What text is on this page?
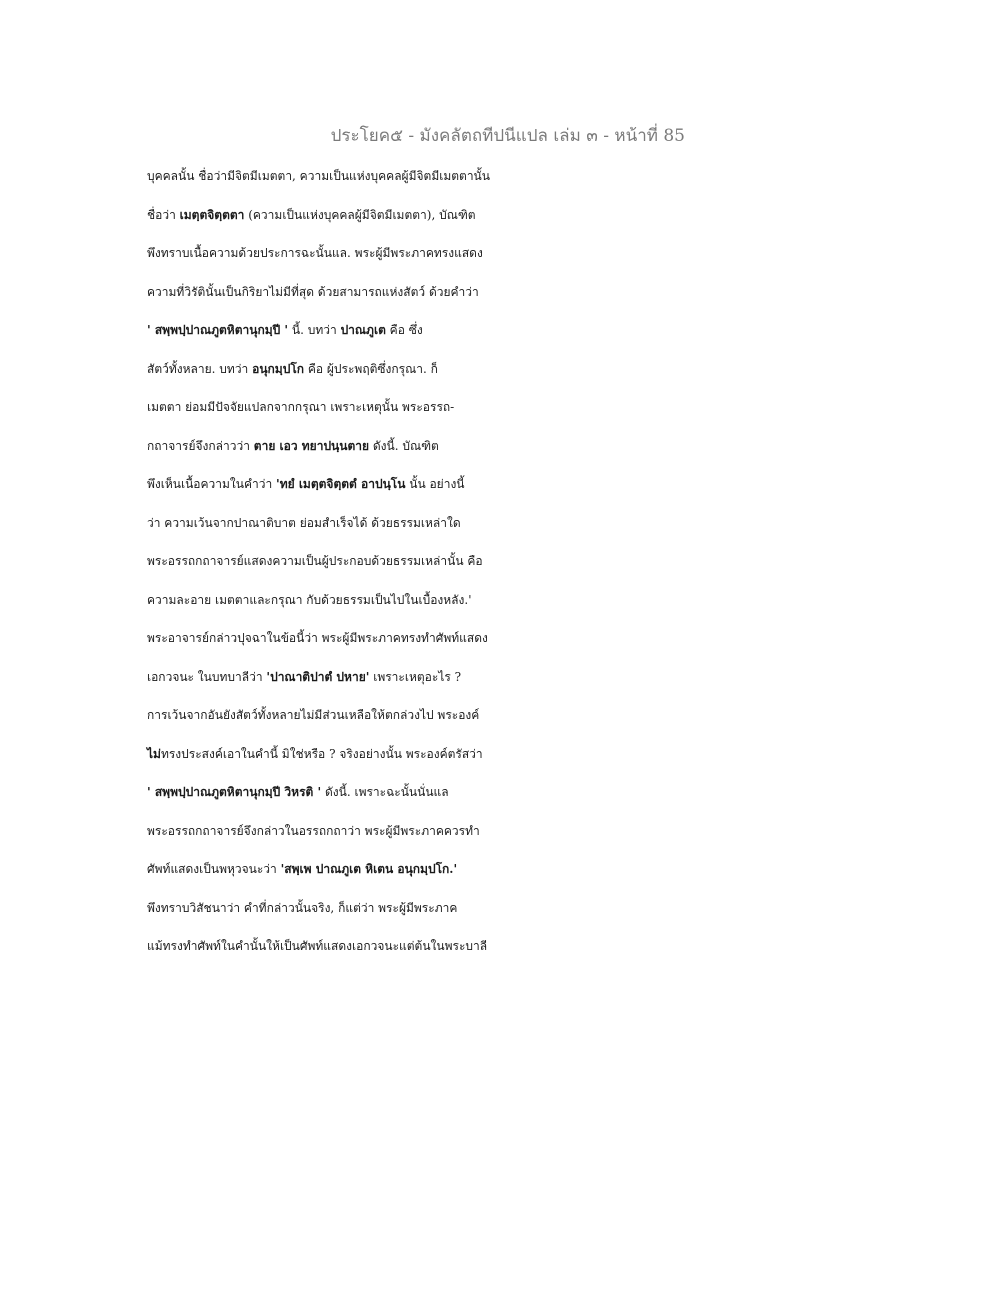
ประโยค๕ - มังคลัตถทีปนีแปล เล่ม ๓ - หน้าที่ 85
บุคคลนั้น ชื่อว่ามีจิตมีเมตตา, ความเป็นแห่งบุคคลผู้มีจิตมีเมตตานั้น
ชื่อว่า เมตฺตจิตฺตตา (ความเป็นแห่งบุคคลผู้มีจิตมีเมตตา), บัณฑิต
พึงทราบเนื้อความด้วยประการฉะนั้นแล. พระผู้มีพระภาคทรงแสดง
ความที่วิรัตินั้นเป็นกิริยาไม่มีที่สุด ด้วยสามารถแห่งสัตว์ ด้วยคำว่า
' สพฺพปฺปาณภูตหิตานุกมฺปี ' นี้. บทว่า ปาณภูเต คือ ซึ่ง
สัตว์ทั้งหลาย. บทว่า อนุกมฺปโก คือ ผู้ประพฤติซึ่งกรุณา. ก็
เมตตา ย่อมมีปัจจัยแปลกจากกรุณา เพราะเหตุนั้น พระอรรถ-
กถาจารย์จึงกล่าวว่า ตาย เอว ทยาปนฺนตาย ดังนี้. บัณฑิต
พึงเห็นเนื้อความในคำว่า 'ทยํ เมตฺตจิตฺตตํ อาปนฺโน นั้น อย่างนี้
ว่า ความเว้นจากปาณาติบาต ย่อมสำเร็จได้ ด้วยธรรมเหล่าใด
พระอรรถกถาจารย์แสดงความเป็นผู้ประกอบด้วยธรรมเหล่านั้น คือ
ความละอาย เมตตาและกรุณา กับด้วยธรรมเป็นไปในเบื้องหลัง.'
พระอาจารย์กล่าวปุจฉาในข้อนี้ว่า พระผู้มีพระภาคทรงทำศัพท์แสดง
เอกวจนะ ในบทบาลีว่า 'ปาณาติปาตํ ปหาย' เพราะเหตุอะไร ?
การเว้นจากอันยังสัตว์ทั้งหลายไม่มีส่วนเหลือให้ตกล่วงไป พระองค์
ไม่ทรงประสงค์เอาในคำนี้ มิใช่หรือ ? จริงอย่างนั้น พระองค์ตรัสว่า
' สพฺพปฺปาณภูตหิตานุกมฺปี วิหรติ ' ดังนี้. เพราะฉะนั้นนั่นแล
พระอรรถกถาจารย์จึงกล่าวในอรรถกถาว่า พระผู้มีพระภาคควรทำ
ศัพท์แสดงเป็นพหุวจนะว่า 'สพฺเพ ปาณภูเต หิเตน อนุกมฺปโก.'
พึงทราบวิสัชนาว่า คำที่กล่าวนั้นจริง, ก็แต่ว่า พระผู้มีพระภาค
แม้ทรงทำศัพท์ในคำนั้นให้เป็นศัพท์แสดงเอกวจนะแต่ต้นในพระบาลี
